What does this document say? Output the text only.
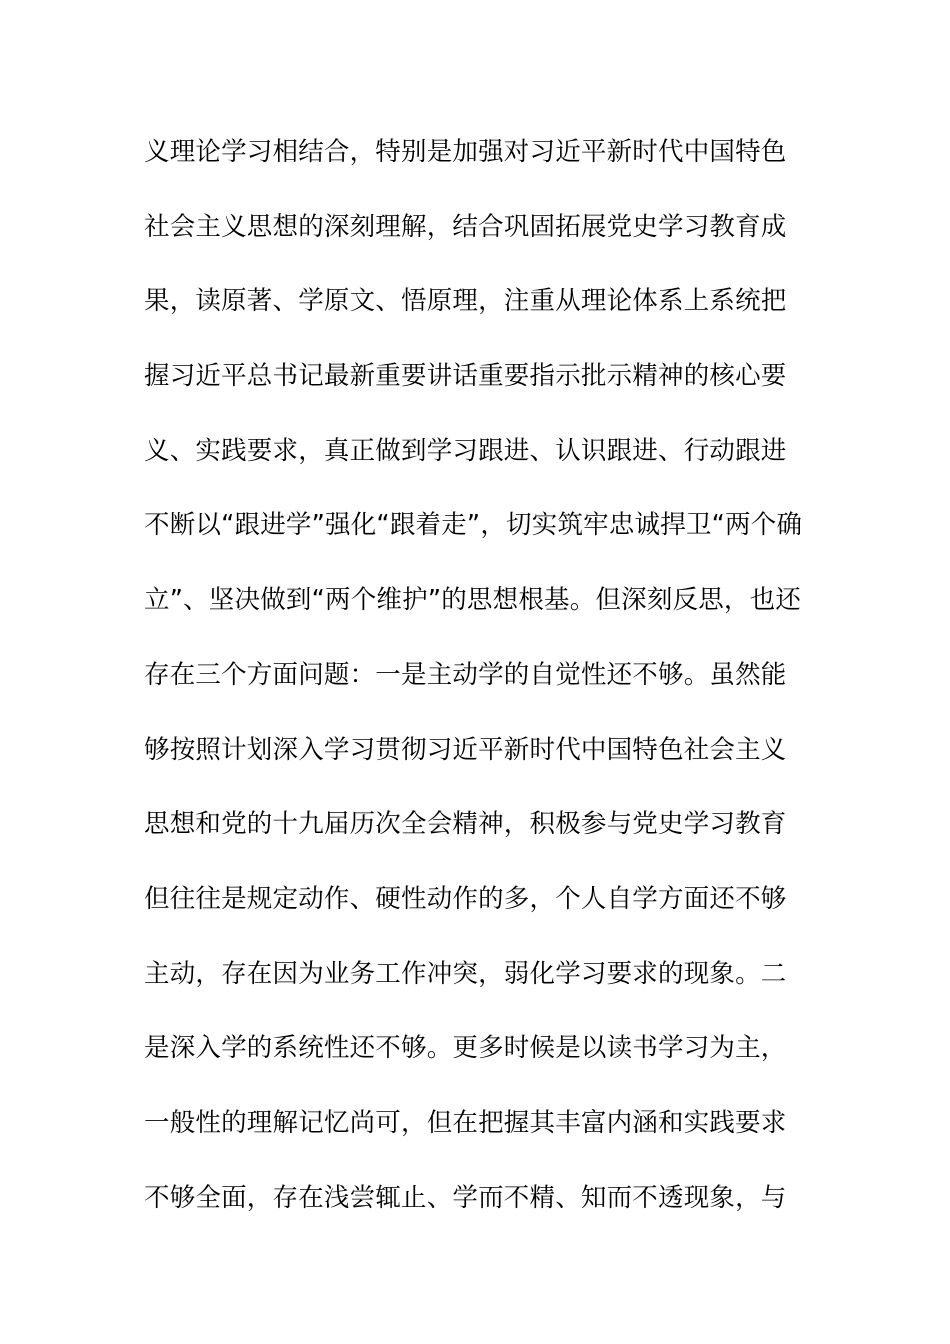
义理论学习相结合，特别是加强对习近平新时代中国特色
社会主义思想的深刻理解，结合巩固拓展党史学习教育成
果，读原著、学原文、悟原理，注重从理论体系上系统把
握习近平总书记最新重要讲话重要指示批示精神的核心要
义、实践要求，真正做到学习跟进、认识跟进、行动跟进
不断以“跟进学”强化“跟着走”，切实筑牢忠诚捍卫“两个确
立”、坚决做到“两个维护”的思想根基。但深刻反思，也还
存在三个方面问题：一是主动学的自觉性还不够。虽然能
够按照计划深入学习贯彻习近平新时代中国特色社会主义
思想和党的十九届历次全会精神，积极参与党史学习教育
但往往是规定动作、硬性动作的多，个人自学方面还不够
主动，存在因为业务工作冲突，弱化学习要求的现象。二
是深入学的系统性还不够。更多时候是以读书学习为主，
一般性的理解记忆尚可，但在把握其丰富内涵和实践要求
不够全面，存在浅尝辄止、学而不精、知而不透现象，与
